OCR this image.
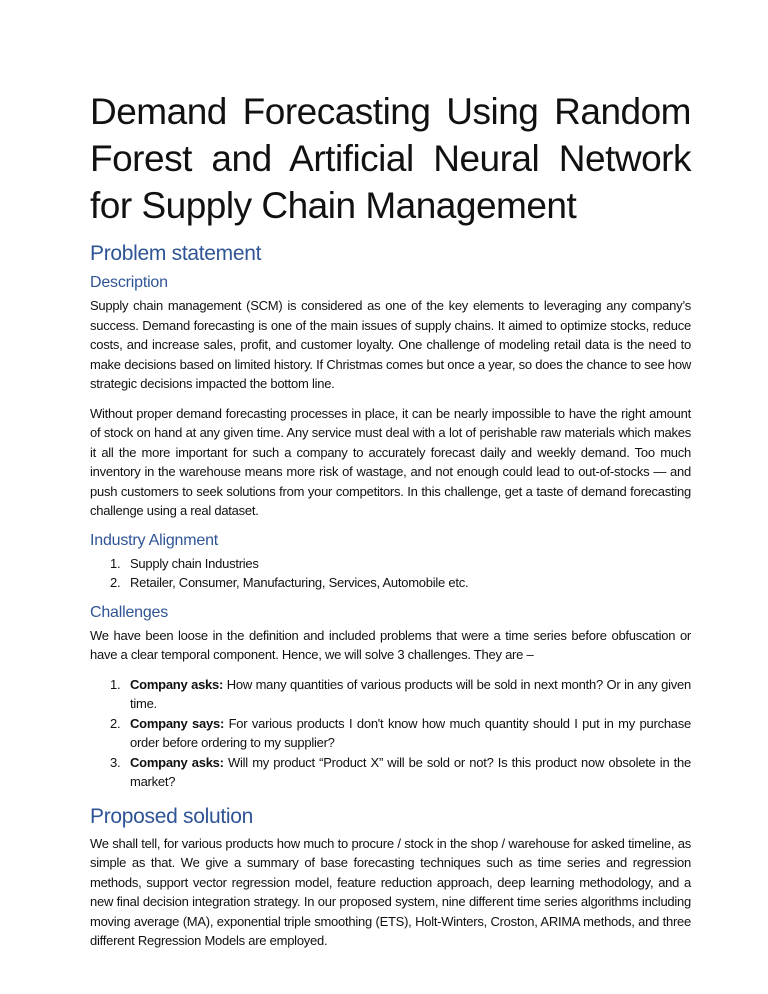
Demand Forecasting Using Random Forest and Artificial Neural Network for Supply Chain Management
Problem statement
Description

Supply chain management (SCM) is considered as one of the key elements to leveraging any company’s success. Demand forecasting is one of the main issues of supply chains. It aimed to optimize stocks, reduce costs, and increase sales, profit, and customer loyalty. One challenge of modeling retail data is the need to make decisions based on limited history. If Christmas comes but once a year, so does the chance to see how strategic decisions impacted the bottom line.

Without proper demand forecasting processes in place, it can be nearly impossible to have the right amount of stock on hand at any given time. Any service must deal with a lot of perishable raw materials which makes it all the more important for such a company to accurately forecast daily and weekly demand. Too much inventory in the warehouse means more risk of wastage, and not enough could lead to out-of-stocks — and push customers to seek solutions from your competitors. In this challenge, get a taste of demand forecasting challenge using a real dataset.

Industry Alignment
1. Supply chain Industries
2. Retailer, Consumer, Manufacturing, Services, Automobile etc.
Challenges

We have been loose in the definition and included problems that were a time series before obfuscation or have a clear temporal component. Hence, we will solve 3 challenges. They are –

1. Company asks: How many quantities of various products will be sold in next month? Or in any given time.
2. Company says: For various products I don't know how much quantity should I put in my purchase order before ordering to my supplier?
3. Company asks: Will my product “Product X” will be sold or not? Is this product now obsolete in the market?
Proposed solution

We shall tell, for various products how much to procure / stock in the shop / warehouse for asked timeline, as simple as that. We give a summary of base forecasting techniques such as time series and regression methods, support vector regression model, feature reduction approach, deep learning methodology, and a new final decision integration strategy. In our proposed system, nine different time series algorithms including moving average (MA), exponential triple smoothing (ETS), Holt-Winters, Croston, ARIMA methods, and three different Regression Models are employed.
